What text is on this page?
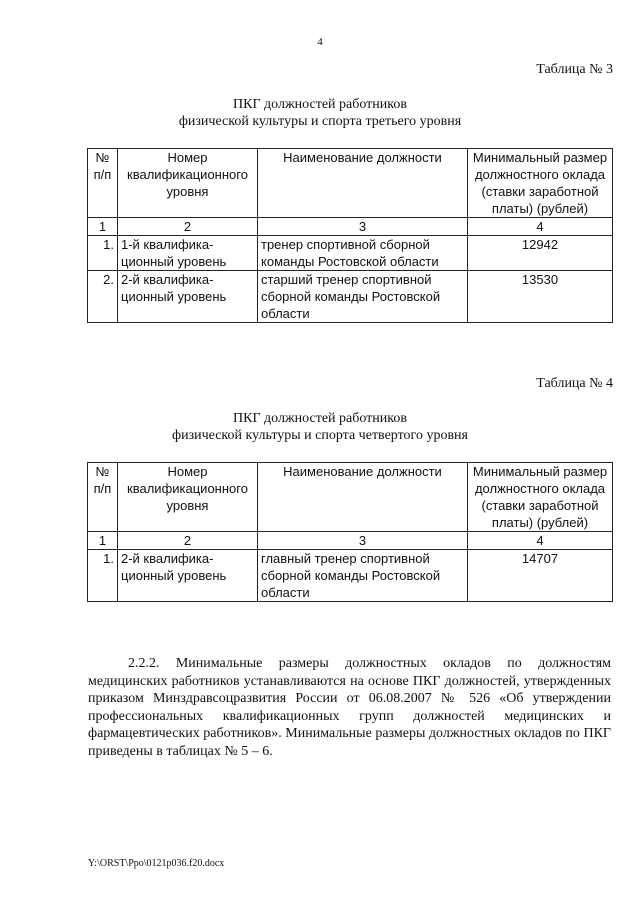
4
Таблица № 3
ПКГ должностей работников
физической культуры и спорта третьего уровня
№ п/п	Номер квалификационного уровня	Наименование должности	Минимальный размер должностного оклада (ставки заработной платы) (рублей)
1	2	3	4
1.	1-й квалифика-ционный уровень	тренер спортивной сборной команды Ростовской области	12942
2.	2-й квалифика-ционный уровень	старший тренер спортивной сборной команды Ростовской области	13530
Таблица № 4
ПКГ должностей работников
физической культуры и спорта четвертого уровня
№ п/п	Номер квалификационного уровня	Наименование должности	Минимальный размер должностного оклада (ставки заработной платы) (рублей)
1	2	3	4
1.	2-й квалифика-ционный уровень	главный тренер спортивной сборной команды Ростовской области	14707
2.2.2. Минимальные размеры должностных окладов по должностям медицинских работников устанавливаются на основе ПКГ должностей, утвержденных приказом Минздравсоцразвития России от 06.08.2007 № 526 «Об утверждении профессиональных квалификационных групп должностей медицинских и фармацевтических работников». Минимальные размеры должностных окладов по ПКГ приведены в таблицах № 5 – 6.
Y:\ORST\Ppo\0121p036.f20.docx
